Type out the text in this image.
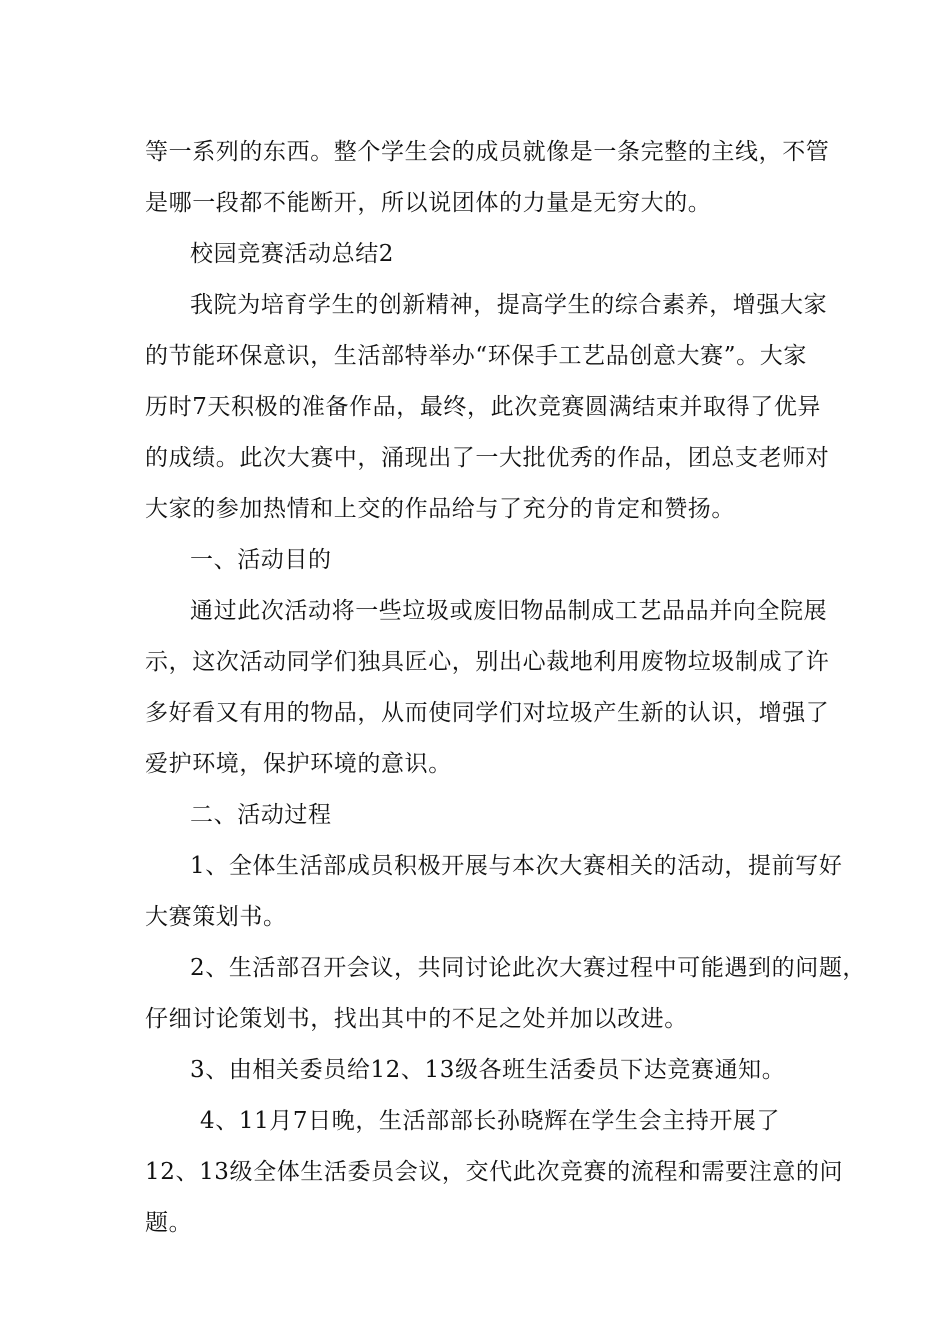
等一系列的东西。整个学生会的成员就像是一条完整的主线，不管
是哪一段都不能断开，所以说团体的力量是无穷大的。
校园竞赛活动总结2
我院为培育学生的创新精神，提高学生的综合素养，增强大家
的节能环保意识，生活部特举办“环保手工艺品创意大赛”。大家
历时7天积极的准备作品，最终，此次竞赛圆满结束并取得了优异
的成绩。此次大赛中，涌现出了一大批优秀的作品，团总支老师对
大家的参加热情和上交的作品给与了充分的肯定和赞扬。
一、活动目的
通过此次活动将一些垃圾或废旧物品制成工艺品品并向全院展
示，这次活动同学们独具匠心，别出心裁地利用废物垃圾制成了许
多好看又有用的物品，从而使同学们对垃圾产生新的认识，增强了
爱护环境，保护环境的意识。
二、活动过程
1、全体生活部成员积极开展与本次大赛相关的活动，提前写好
大赛策划书。
2、生活部召开会议，共同讨论此次大赛过程中可能遇到的问题，
仔细讨论策划书，找出其中的不足之处并加以改进。
3、由相关委员给12、13级各班生活委员下达竞赛通知。
4、11月7日晚，生活部部长孙晓辉在学生会主持开展了
12、13级全体生活委员会议，交代此次竞赛的流程和需要注意的问
题。
